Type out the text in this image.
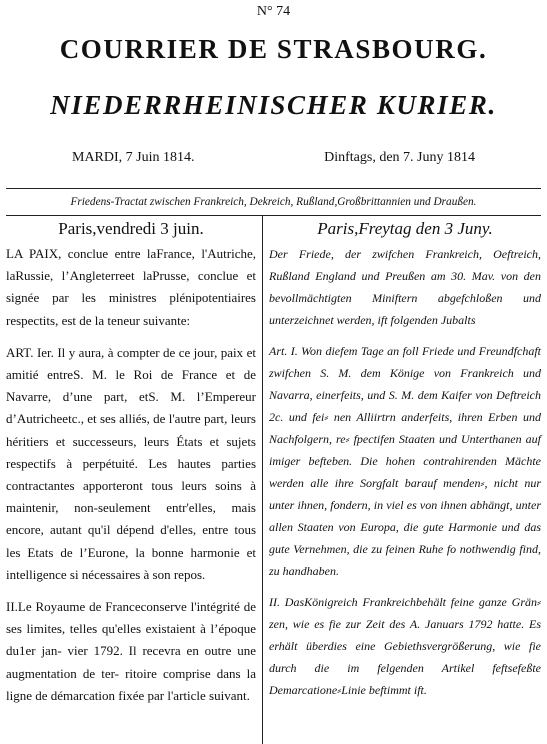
N° 74
COURRIER DE STRASBOURG.
NIEDERRHEINISCHER KURIER.
MARDI, 7 Juin 1814.	Dinftags, den 7. Juny 1814
Friedens-Tractat zwischen Frankreich, Dekreich, Rußland,Großbrittannien und Draußen.
Paris,vendredi 3 juin.

LA PAIX, conclue entre laFrance, l'Autriche, laRussie, l’Angleterreet laPrusse, conclue et signée par les ministres plénipotentiaires respectits, est de la teneur suivante:

ART. Ier. Il y aura, à compter de ce jour, paix et amitié entreS. M. le Roi de France et de Navarre, d’une part, etS. M. l’Empereur d’Autricheetc., et ses alliés, de l'autre part, leurs héritiers et successeurs, leurs États et sujets respectifs à perpétuité. Les hautes parties contractantes apporteront tous leurs soins à maintenir, non-seulement entr'elles, mais encore, autant qu'il dépend d'elles, entre tous les Etats de l’Eurone, la bonne harmonie et intelligence si nécessaires à son repos.

II.Le Royaume de Franceconserve l'intégrité de ses limites, telles qu'elles existaient à l’époque du1er jan- vier 1792. Il recevra en outre une augmentation de ter- ritoire comprise dans la ligne de démarcation fixée par l'article suivant.

Paris,Freytag den 3 Juny.

Der Friede, der zwifchen Frankreich, Oeftreich, Rußland England und Preußen am 30. Mav. von den bevollmächtigten Miniftern abgefchloßen und unterzeichnet werden, ift folgenden Jubalts

Art. I. Won diefem Tage an foll Friede und Freundfchaft zwifchen S. M. dem Könige von Frankreich und Navarra, einerfeits, und S. M. dem Kaifer von Deftreich 2c. und fei⸗ nen Alliirtrn anderfeits, ihren Erben und Nachfolgern, re⸗ fpectifen Staaten und Unterthanen auf imiger befteben. Die hohen contrahirenden Mächte werden alle ihre Sorgfalt barauf menden⸗, nicht nur unter ihnen, fondern, in viel es von ihnen abhängt, unter allen Staaten von Europa, die gute Harmonie und das gute Vernehmen, die zu feinen Ruhe fo nothwendig find, zu handhaben.

II. DasKönigreich Frankreichbehält feine ganze Grän⸗ zen, wie es fie zur Zeit des A. Januars 1792 hatte. Es erhält überdies eine Gebiethsvergrößerung, wie fie durch die im felgenden Artikel feftsefeßte Demarcatione⸗Linie beftimmt ift.
